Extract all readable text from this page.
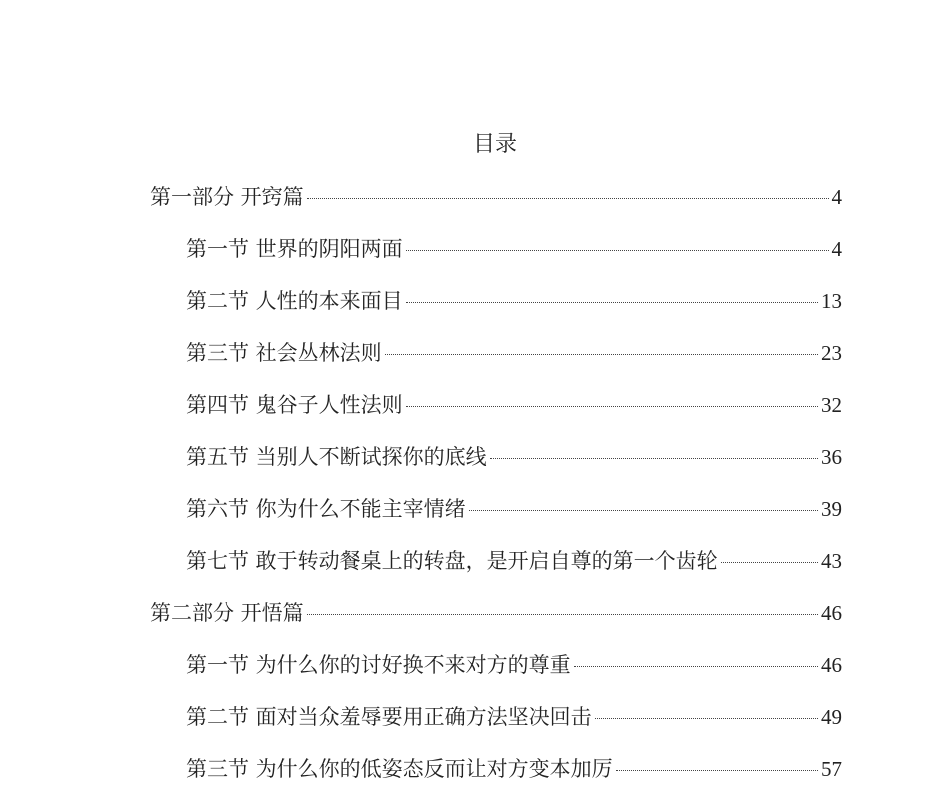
目录
第一部分 开窍篇	4
第一节 世界的阴阳两面	4
第二节 人性的本来面目	13
第三节 社会丛林法则	23
第四节 鬼谷子人性法则	32
第五节 当别人不断试探你的底线	36
第六节 你为什么不能主宰情绪	39
第七节 敢于转动餐桌上的转盘，是开启自尊的第一个齿轮	43
第二部分 开悟篇	46
第一节 为什么你的讨好换不来对方的尊重	46
第二节 面对当众羞辱要用正确方法坚决回击	49
第三节 为什么你的低姿态反而让对方变本加厉	57
